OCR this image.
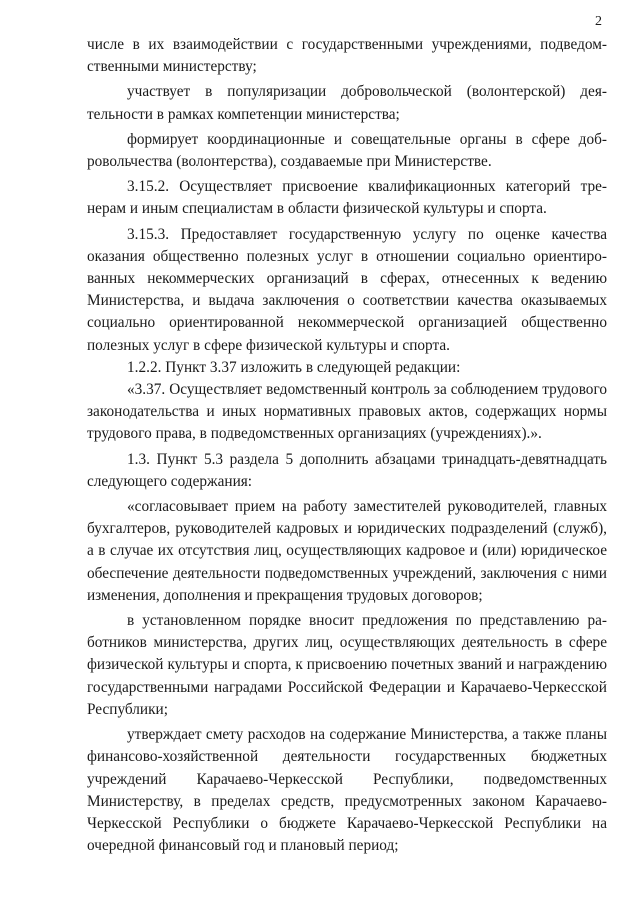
2

числе в их взаимодействии с государственными учреждениями, подведомственными министерству;

участвует в популяризации добровольческой (волонтерской) деятельности в рамках компетенции министерства;

формирует координационные и совещательные органы в сфере добровольчества (волонтерства), создаваемые при Министерстве.

3.15.2. Осуществляет присвоение квалификационных категорий тренерам и иным специалистам в области физической культуры и спорта.

3.15.3. Предоставляет государственную услугу по оценке качества оказания общественно полезных услуг в отношении социально ориентированных некоммерческих организаций в сферах, отнесенных к ведению Министерства, и выдача заключения о соответствии качества оказываемых социально ориентированной некоммерческой организацией общественно полезных услуг в сфере физической культуры и спорта.

1.2.2. Пункт 3.37 изложить в следующей редакции:

«3.37. Осуществляет ведомственный контроль за соблюдением трудового законодательства и иных нормативных правовых актов, содержащих нормы трудового права, в подведомственных организациях (учреждениях).».

1.3. Пункт 5.3 раздела 5 дополнить абзацами тринадцать-девятнадцать следующего содержания:

«согласовывает прием на работу заместителей руководителей, главных бухгалтеров, руководителей кадровых и юридических подразделений (служб), а в случае их отсутствия лиц, осуществляющих кадровое и (или) юридическое обеспечение деятельности подведомственных учреждений, заключения с ними изменения, дополнения и прекращения трудовых договоров;

в установленном порядке вносит предложения по представлению работников министерства, других лиц, осуществляющих деятельность в сфере физической культуры и спорта, к присвоению почетных званий и награждению государственными наградами Российской Федерации и Карачаево-Черкесской Республики;

утверждает смету расходов на содержание Министерства, а также планы финансово-хозяйственной деятельности государственных бюджетных учреждений Карачаево-Черкесской Республики, подведомственных Министерству, в пределах средств, предусмотренных законом Карачаево-Черкесской Республики о бюджете Карачаево-Черкесской Республики на очередной финансовый год и плановый период;
